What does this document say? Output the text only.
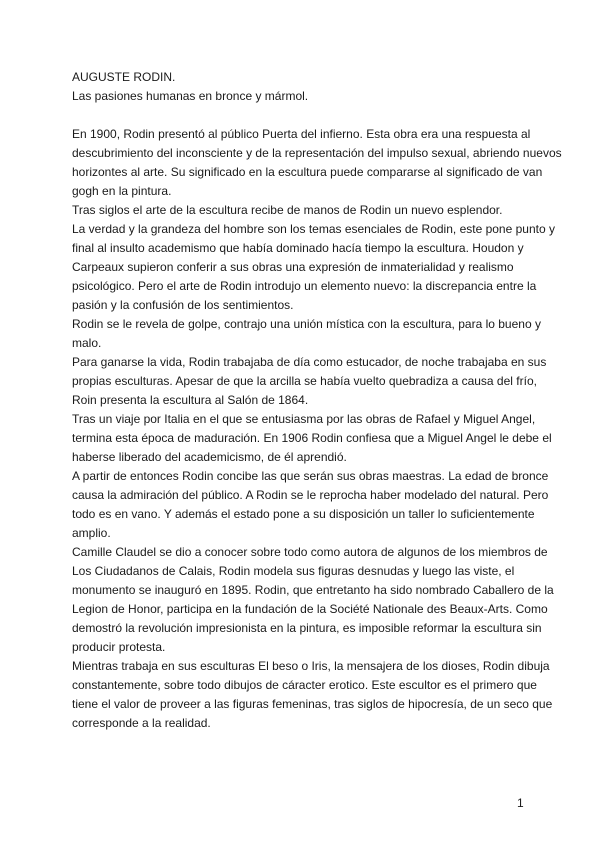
AUGUSTE RODIN.

Las pasiones humanas en bronce y mármol.

En 1900, Rodin presentó al público Puerta del infierno. Esta obra era una respuesta al

descubrimiento del inconsciente y de la representación del impulso sexual, abriendo nuevos

horizontes al arte. Su significado en la escultura puede compararse al significado de van

gogh en la pintura.

Tras siglos el arte de la escultura recibe de manos de Rodin un nuevo esplendor.

La verdad y la grandeza del hombre son los temas esenciales de Rodin, este pone punto y

final al insulto academismo que había dominado hacía tiempo la escultura. Houdon y

Carpeaux supieron conferir a sus obras una expresión de inmaterialidad y realismo

psicológico. Pero el arte de Rodin introdujo un elemento nuevo: la discrepancia entre la

pasión y la confusión de los sentimientos.

Rodin se le revela de golpe, contrajo una unión mística con la escultura, para lo bueno y

malo.

Para ganarse la vida, Rodin trabajaba de día como estucador, de noche trabajaba en sus

propias esculturas. Apesar de que la arcilla se había vuelto quebradiza a causa del frío,

Roin presenta la escultura al Salón de 1864.

Tras un viaje por Italia en el que se entusiasma por las obras de Rafael y Miguel Angel,

termina esta época de maduración. En 1906 Rodin confiesa que a Miguel Angel le debe el

haberse liberado del academicismo, de él aprendió.

A partir de entonces Rodin concibe las que serán sus obras maestras. La edad de bronce

causa la admiración del público. A Rodin se le reprocha haber modelado del natural. Pero

todo es en vano. Y además el estado pone a su disposición un taller lo suficientemente

amplio.

Camille Claudel se dio a conocer sobre todo como autora de algunos de los miembros de

Los Ciudadanos de Calais, Rodin modela sus figuras desnudas y luego las viste, el

monumento se inauguró en 1895. Rodin, que entretanto ha sido nombrado Caballero de la

Legion de Honor, participa en la fundación de la Société Nationale des Beaux-Arts. Como

demostró la revolución impresionista en la pintura, es imposible reformar la escultura sin

producir protesta.

Mientras trabaja en sus esculturas El beso o Iris, la mensajera de los dioses, Rodin dibuja

constantemente, sobre todo dibujos de cáracter erotico. Este escultor es el primero que

tiene el valor de proveer a las figuras femeninas, tras siglos de hipocresía, de un seco que

corresponde a la realidad.

1
